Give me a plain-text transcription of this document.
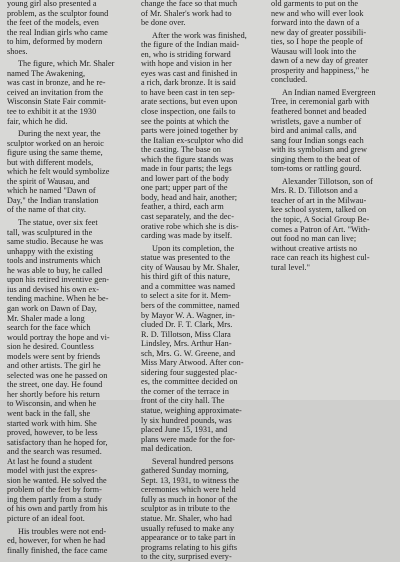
young girl also presented a
problem, as the sculptor found
the feet of the models, even
the real Indian girls who came
to him, deformed by modern
shoes.
The figure, which Mr. Shaler
named The Awakening,
was cast in bronze, and he re-
ceived an invitation from the
Wisconsin State Fair commit-
tee to exhibit it at the 1930
fair, which he did.
During the next year, the
sculptor worked on an heroic
figure using the same theme,
but with different models,
which he felt would symbolize
the spirit of Wausau, and
which he named "Dawn of
Day," the Indian translation
of the name of that city.
The statue, over six feet
tall, was sculptured in the
same studio. Because he was
unhappy with the existing
tools and instruments which
he was able to buy, he called
upon his retired inventive gen-
ius and devised his own ex-
tending machine. When he be-
gan work on Dawn of Day,
Mr. Shaler made a long
search for the face which
would portray the hope and vi-
sion he desired. Countless
models were sent by friends
and other artists. The girl he
selected was one he passed on
the street, one day. He found
her shortly before his return
to Wisconsin, and when he
went back in the fall, she
started work with him. She
proved, however, to be less
satisfactory than he hoped for,
and the search was resumed.
At last he found a student
model with just the expres-
sion he wanted. He solved the
problem of the feet by form-
ing them partly from a study
of his own and partly from his
picture of an ideal foot.
His troubles were not end-
ed, however, for when he had
finally finished, the face came
change the face so that much
of Mr. Shaler's work had to
be done over.
After the work was finished,
the figure of the Indian maid-
en, who is striding forward
with hope and vision in her
eyes was cast and finished in
a rich, dark bronze. It is said
to have been cast in ten sep-
arate sections, but even upon
close inspection, one fails to
see the points at which the
parts were joined together by
the Italian ex-sculptor who did
the casting. The base on
which the figure stands was
made in four parts; the legs
and lower part of the body
one part; upper part of the
body, head and hair, another;
feather, a third, each arm
cast separately, and the dec-
orative robe which she is dis-
carding was made by itself.
Upon its completion, the
statue was presented to the
city of Wausau by Mr. Shaler,
his third gift of this nature,
and a committee was named
to select a site for it. Mem-
bers of the committee, named
by Mayor W. A. Wagner, in-
cluded Dr. F. T. Clark, Mrs.
R. D. Tillotson, Miss Clara
Lindsley, Mrs. Arthur Han-
sch, Mrs. G. W. Greene, and
Miss Mary Atwood. After con-
sidering four suggested plac-
es, the committee decided on
the corner of the terrace in
front of the city hall. The
statue, weighing approximate-
ly six hundred pounds, was
placed June 15, 1931, and
plans were made for the for-
mal dedication.
Several hundred persons
gathered Sunday morning,
Sept. 13, 1931, to witness the
ceremonies which were held
fully as much in honor of the
sculptor as in tribute to the
statue. Mr. Shaler, who had
usually refused to make any
appearance or to take part in
programs relating to his gifts
to the city, surprised every-
old garments to put on the
new and who will ever look
forward into the dawn of a
new day of greater possibili-
ties, so I hope the people of
Wausau will look into the
dawn of a new day of greater
prosperity and happiness," he
concluded.
An Indian named Evergreen
Tree, in ceremonial garb with
feathered bonnet and beaded
wristlets, gave a number of
bird and animal calls, and
sang four Indian songs each
with its symbolism and grew
singing them to the beat of
tom-toms or rattling gourd.
Alexander Tillotson, son of
Mrs. R. D. Tillotson and a
teacher of art in the Milwau-
kee school system, talked on
the topic, A Social Group Be-
comes a Patron of Art. "With-
out food no man can live;
without creative artists no
race can reach its highest cul-
tural level."
